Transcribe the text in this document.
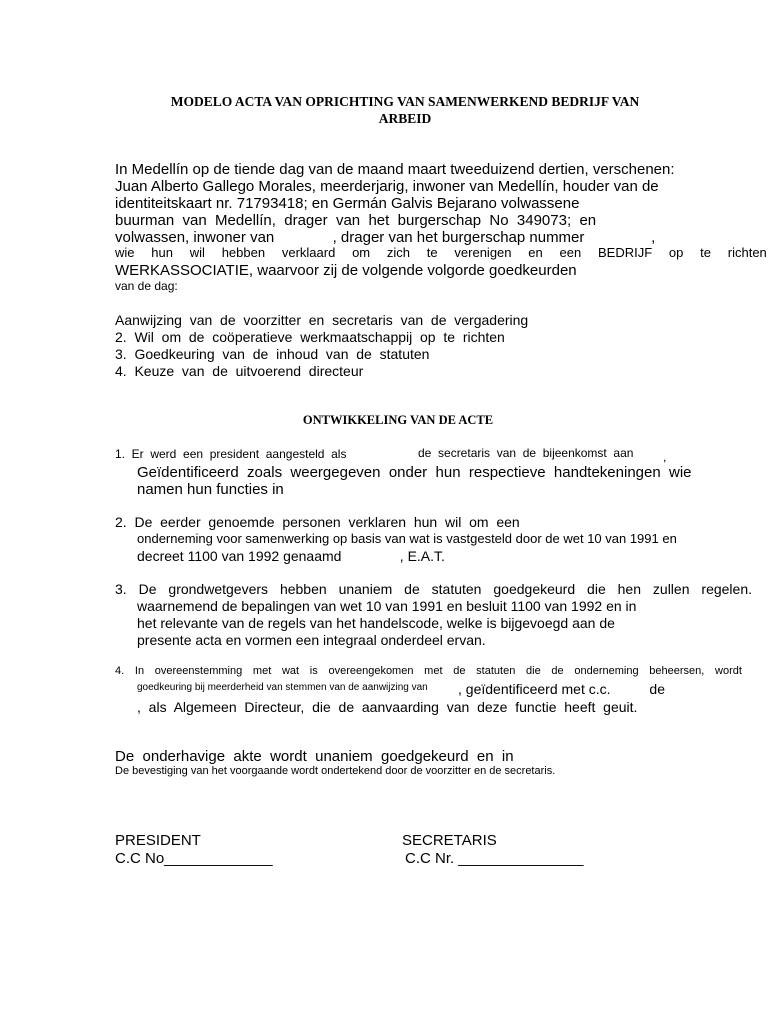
MODELO ACTA VAN OPRICHTING VAN SAMENWERKEND BEDRIJF VAN
ARBEID
In Medellín op de tiende dag van de maand maart tweeduizend dertien, verschenen:
Juan Alberto Gallego Morales, meerderjarig, inwoner van Medellín, houder van de
identiteitskaart nr. 71793418; en Germán Galvis Bejarano volwassene
buurman  van  Medellín,  drager  van  het  burgerschap  No  349073;  en
volwassen, inwoner van              , drager van het burgerschap nummer                ,
wie hun wil hebben verklaard om zich te verenigen en een BEDRIJF op te richten
WERKASSOCIATIE, waarvoor zij de volgende volgorde goedkeurden
van de dag:
Aanwijzing  van  de  voorzitter  en  secretaris  van  de  vergadering
2.  Wil  om  de  coöperatieve  werkmaatschappij  op  te  richten
3.  Goedkeuring  van  de  inhoud  van  de  statuten
4.  Keuze  van  de  uitvoerend  directeur
ONTWIKKELING VAN DE ACTE
1.  Er  werd  een  president  aangesteld  als	de  secretaris  van  de  bijeenkomst  aan ,
Geïdentificeerd  zoals  weergegeven  onder  hun  respectieve  handtekeningen  wie
namen hun functies in
2.  De  eerder  genoemde  personen  verklaren  hun  wil  om  een
onderneming voor samenwerking op basis van wat is vastgesteld door de wet 10 van 1991 en
decreet 1100 van 1992 genaamd               , E.A.T.
3. De grondwetgevers hebben unaniem de statuten goedgekeurd die hen zullen regelen.
waarnemend de bepalingen van wet 10 van 1991 en besluit 1100 van 1992 en in
het relevante van de regels van het handelscode, welke is bijgevoegd aan de
presente acta en vormen een integraal onderdeel ervan.
4. In overeenstemming met wat is overeengekomen met de statuten die de onderneming beheersen, wordt
goedkeuring bij meerderheid van stemmen van de aanwijzing van , geïdentificeerd met c.c.          de
,  als  Algemeen  Directeur,  die  de  aanvaarding  van  deze  functie  heeft  geuit.
De  onderhavige  akte  wordt  unaniem  goedgekeurd  en  in
De bevestiging van het voorgaande wordt ondertekend door de voorzitter en de secretaris.
PRESIDENT
C.C No_____________
SECRETARIS
C.C Nr. _______________
